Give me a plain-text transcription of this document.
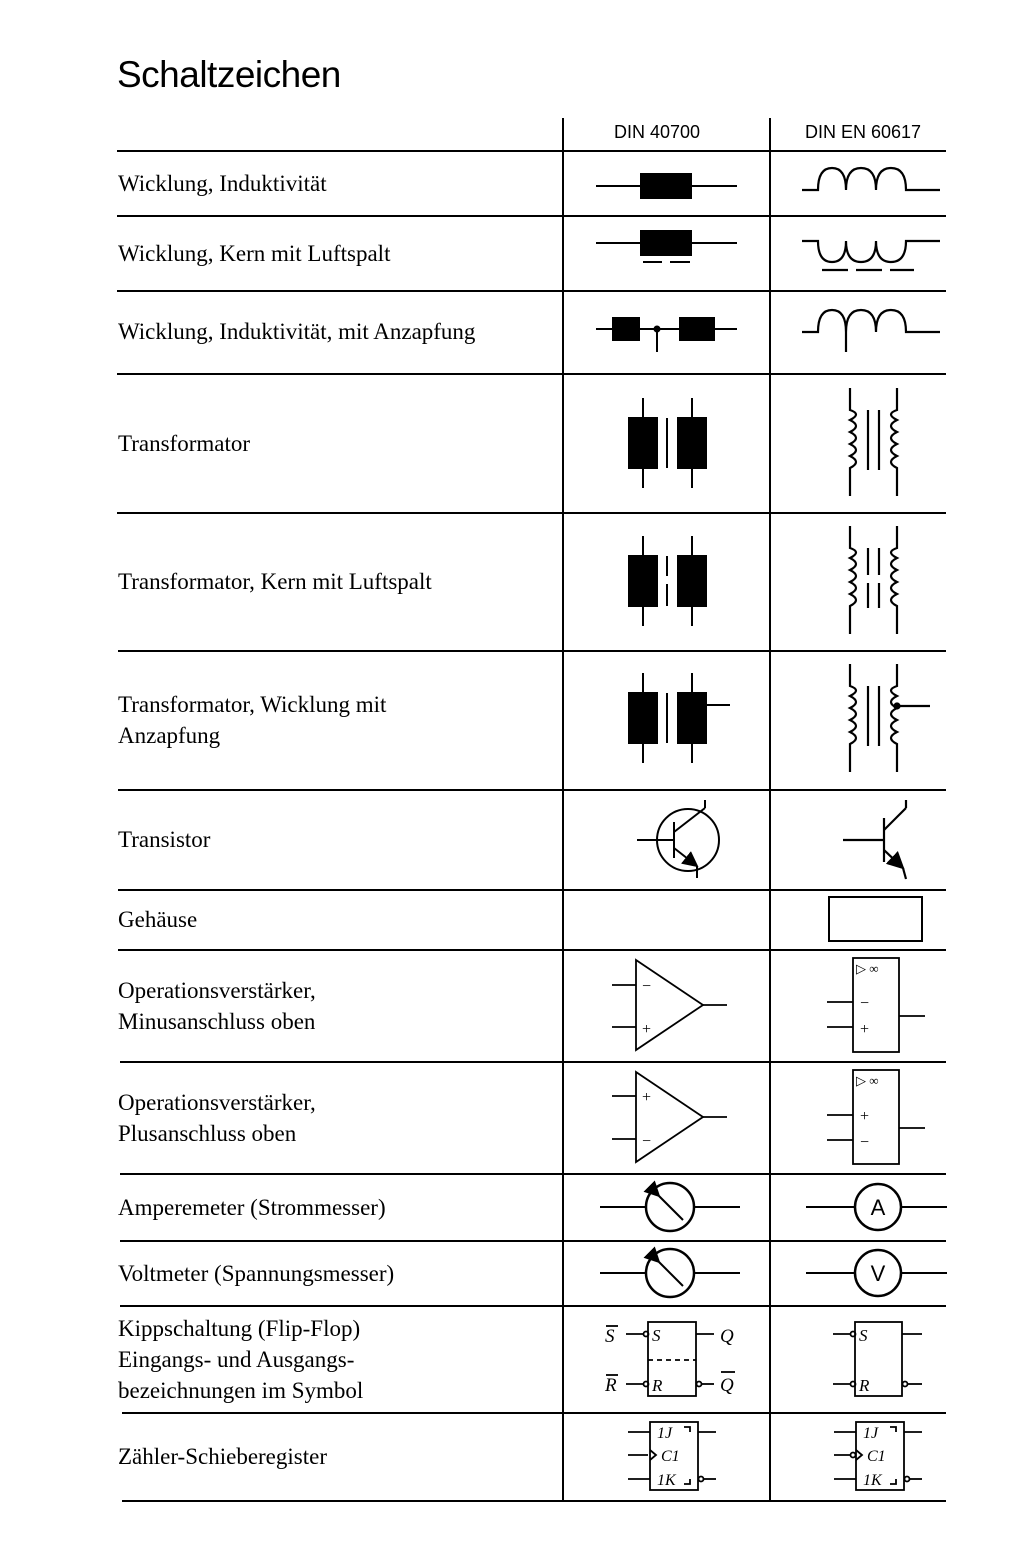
Schaltzeichen
DIN 40700	DIN EN 60617
Wicklung, Induktivität
Wicklung, Kern mit Luftspalt
Wicklung, Induktivität, mit Anzapfung
Transformator
Transformator, Kern mit Luftspalt
Transformator, Wicklung mit
Anzapfung
Transistor
Gehäuse
Operationsverstärker,
Minusanschluss oben
Operationsverstärker,
Plusanschluss oben
Amperemeter (Strommesser)
Voltmeter (Spannungsmesser)
Kippschaltung (Flip-Flop)
Eingangs- und Ausgangs-
bezeichnungen im Symbol
Zähler-Schieberegister
−
+
▷ ∞
−
+
+
−
▷ ∞
+
−
A
V
S
R
S
R
Q
Q
S
R
1J
C1
1K
1J
C1
1K
